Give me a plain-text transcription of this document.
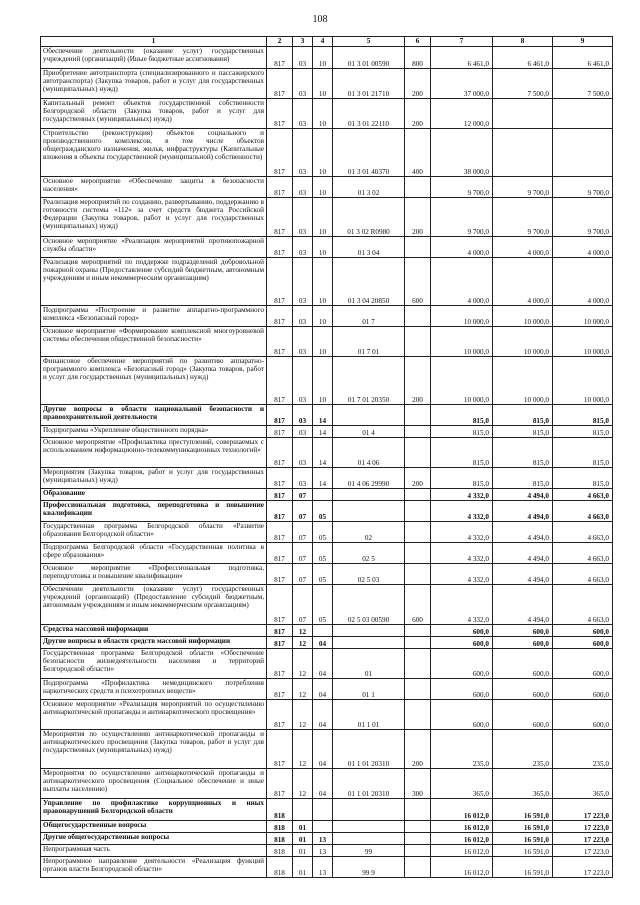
108
1	2	3	4	5	6	7	8	9
Обеспечение деятельности (оказание услуг) государственных учреждений (организаций) (Иные бюджетные ассигнования)	817	03	10	01 3 01 00590	800	6 461,0	6 461,0	6 461,0
Приобретение автотранспорта (специализированного и пассажирского автотранспорта) (Закупка товаров, работ и услуг для государственных (муниципальных) нужд)	817	03	10	01 3 01 21710	200	37 000,0	7 500,0	7 500,0
Капитальный ремонт объектов государственной собственности Белгородской области (Закупка товаров, работ и услуг для государственных (муниципальных) нужд)	817	03	10	01 3 01 22110	200	12 000,0		
Строительство (реконструкция) объектов социального и производственного комплексов, в том числе объектов общегражданского назначения, жилья, инфраструктуры (Капитальные вложения в объекты государственной (муниципальной) собственности)	817	03	10	01 3 01 40370	400	38 000,0		
Основное мероприятие «Обеспечение защиты в безопасности населения»	817	03	10	01 3 02		9 700,0	9 700,0	9 700,0
Реализация мероприятий по созданию, развертыванию, поддержанию в готовности системы «112» за счет средств бюджета Российской Федерации (Закупка товаров, работ и услуг для государственных (муниципальных) нужд)	817	03	10	01 3 02 R0980	200	9 700,0	9 700,0	9 700,0
Основное мероприятие «Реализация мероприятий противопожарной службы области»	817	03	10	01 3 04		4 000,0	4 000,0	4 000,0
Реализация мероприятий по поддержке подразделений добровольной пожарной охраны (Предоставление субсидий бюджетным, автономным учреждениям и иным некоммерческим организациям)	817	03	10	01 3 04 20850	600	4 000,0	4 000,0	4 000,0
Подпрограмма «Построение и развитие аппаратно-программного комплекса «Безопасный город»	817	03	10	01 7		10 000,0	10 000,0	10 000,0
Основное мероприятие «Формирование комплексной многоуровневой системы обеспечения общественной безопасности»	817	03	10	01 7 01		10 000,0	10 000,0	10 000,0
Финансовое обеспечение мероприятий по развитию аппаратно-программного комплекса «Безопасный город» (Закупка товаров, работ и услуг для государственных (муниципальных) нужд)	817	03	10	01 7 01 20350	200	10 000,0	10 000,0	10 000,0
Другие вопросы в области национальной безопасности и правоохранительной деятельности	817	03	14			815,0	815,0	815,0
Подпрограмма «Укрепление общественного порядка»	817	03	14	01 4		815,0	815,0	815,0
Основное мероприятие «Профилактика преступлений, совершаемых с использованием информационно-телекоммуникационных технологий»	817	03	14	01 4 06		815,0	815,0	815,0
Мероприятия (Закупка товаров, работ и услуг для государственных (муниципальных) нужд)	817	03	14	01 4 06 29990	200	815,0	815,0	815,0
Образование	817	07				4 332,0	4 494,0	4 663,0
Профессиональная подготовка, переподготовка и повышение квалификации	817	07	05			4 332,0	4 494,0	4 663,0
Государственная программа Белгородской области «Развитие образования Белгородской области»	817	07	05	02		4 332,0	4 494,0	4 663,0
Подпрограмма Белгородской области «Государственная политика в сфере образования»	817	07	05	02 5		4 332,0	4 494,0	4 663,0
Основное мероприятие «Профессиональная подготовка, переподготовка и повышение квалификации»	817	07	05	02 5 03		4 332,0	4 494,0	4 663,0
Обеспечение деятельности (оказание услуг) государственных учреждений (организаций) (Предоставление субсидий бюджетным, автономным учреждениям и иным некоммерческим организациям)	817	07	05	02 5 03 00590	600	4 332,0	4 494,0	4 663,0
Средства массовой информации	817	12				600,0	600,0	600,0
Другие вопросы в области средств массовой информации	817	12	04			600,0	600,0	600,0
Государственная программа Белгородской области «Обеспечение безопасности жизнедеятельности населения и территорий Белгородской области»	817	12	04	01		600,0	600,0	600,0
Подпрограмма «Профилактика немедицинского потребления наркотических средств и психотропных веществ»	817	12	04	01 1		600,0	600,0	600,0
Основное мероприятие «Реализация мероприятий по осуществлению антинаркотической пропаганды и антинаркотического просвещения»	817	12	04	01 1 01		600,0	600,0	600,0
Мероприятия по осуществлению антинаркотической пропаганды и антинаркотического просвещения (Закупка товаров, работ и услуг для государственных (муниципальных) нужд)	817	12	04	01 1 01 20310	200	235,0	235,0	235,0
Мероприятия по осуществлению антинаркотической пропаганды и антинаркотического просвещения (Социальное обеспечение и иные выплаты населению)	817	12	04	01 1 01 20310	300	365,0	365,0	365,0
Управление по профилактике коррупционных и иных правонарушений Белгородской области	818					16 012,0	16 591,0	17 223,0
Общегосударственные вопросы	818	01				16 012,0	16 591,0	17 223,0
Другие общегосударственные вопросы	818	01	13			16 012,0	16 591,0	17 223,0
Непрограммная часть	818	01	13	99		16 012,0	16 591,0	17 223,0
Непрограммное направление деятельности «Реализация функций органов власти Белгородской области»	818	01	13	99 9		16 012,0	16 591,0	17 223,0
